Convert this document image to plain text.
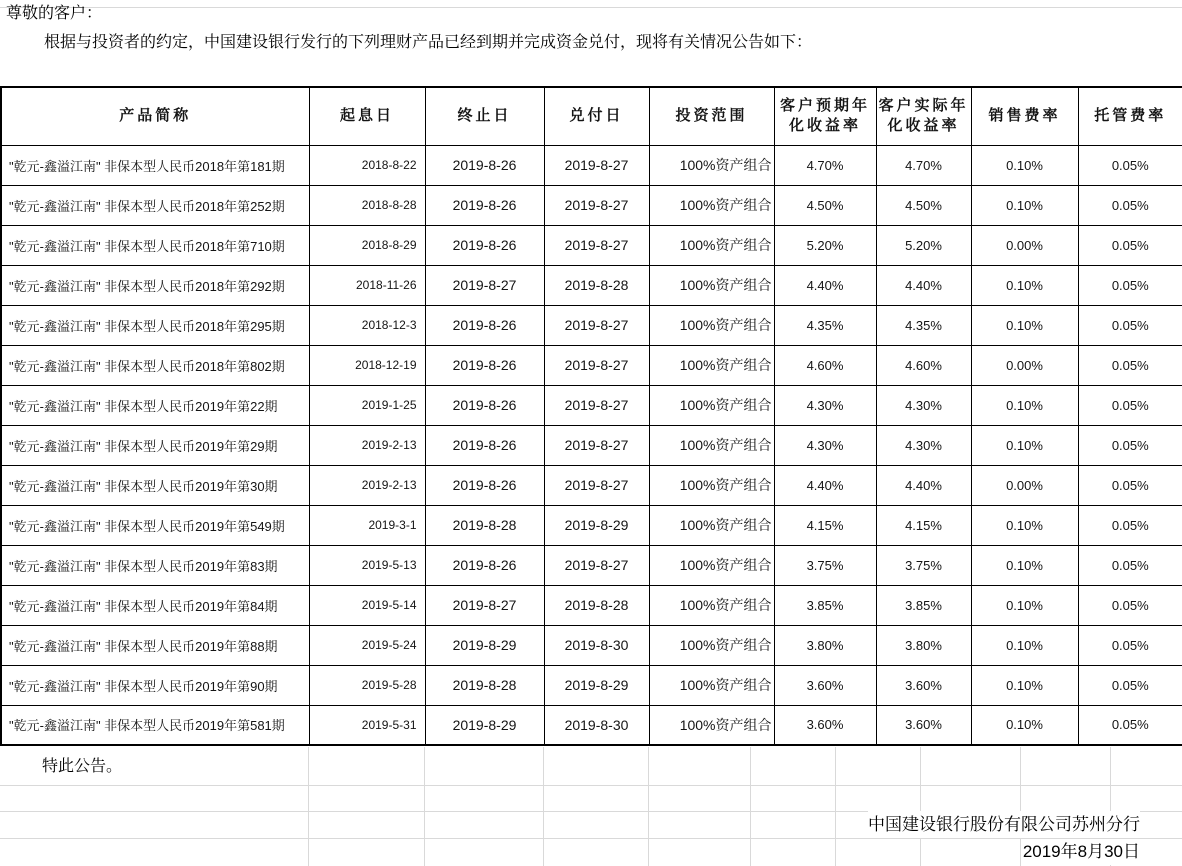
尊敬的客户：
根据与投资者的约定，中国建设银行发行的下列理财产品已经到期并完成资金兑付，现将有关情况公告如下：
产品简称	起息日	终止日	兑付日	投资范围	客户预期年化收益率	客户实际年化收益率	销售费率	托管费率
"乾元-鑫溢江南" 非保本型人民币2018年第181期	2018-8-22	2019-8-26	2019-8-27	100%资产组合	4.70%	4.70%	0.10%	0.05%
"乾元-鑫溢江南" 非保本型人民币2018年第252期	2018-8-28	2019-8-26	2019-8-27	100%资产组合	4.50%	4.50%	0.10%	0.05%
"乾元-鑫溢江南" 非保本型人民币2018年第710期	2018-8-29	2019-8-26	2019-8-27	100%资产组合	5.20%	5.20%	0.00%	0.05%
"乾元-鑫溢江南" 非保本型人民币2018年第292期	2018-11-26	2019-8-27	2019-8-28	100%资产组合	4.40%	4.40%	0.10%	0.05%
"乾元-鑫溢江南" 非保本型人民币2018年第295期	2018-12-3	2019-8-26	2019-8-27	100%资产组合	4.35%	4.35%	0.10%	0.05%
"乾元-鑫溢江南" 非保本型人民币2018年第802期	2018-12-19	2019-8-26	2019-8-27	100%资产组合	4.60%	4.60%	0.00%	0.05%
"乾元-鑫溢江南" 非保本型人民币2019年第22期	2019-1-25	2019-8-26	2019-8-27	100%资产组合	4.30%	4.30%	0.10%	0.05%
"乾元-鑫溢江南" 非保本型人民币2019年第29期	2019-2-13	2019-8-26	2019-8-27	100%资产组合	4.30%	4.30%	0.10%	0.05%
"乾元-鑫溢江南" 非保本型人民币2019年第30期	2019-2-13	2019-8-26	2019-8-27	100%资产组合	4.40%	4.40%	0.00%	0.05%
"乾元-鑫溢江南" 非保本型人民币2019年第549期	2019-3-1	2019-8-28	2019-8-29	100%资产组合	4.15%	4.15%	0.10%	0.05%
"乾元-鑫溢江南" 非保本型人民币2019年第83期	2019-5-13	2019-8-26	2019-8-27	100%资产组合	3.75%	3.75%	0.10%	0.05%
"乾元-鑫溢江南" 非保本型人民币2019年第84期	2019-5-14	2019-8-27	2019-8-28	100%资产组合	3.85%	3.85%	0.10%	0.05%
"乾元-鑫溢江南" 非保本型人民币2019年第88期	2019-5-24	2019-8-29	2019-8-30	100%资产组合	3.80%	3.80%	0.10%	0.05%
"乾元-鑫溢江南" 非保本型人民币2019年第90期	2019-5-28	2019-8-28	2019-8-29	100%资产组合	3.60%	3.60%	0.10%	0.05%
"乾元-鑫溢江南" 非保本型人民币2019年第581期	2019-5-31	2019-8-29	2019-8-30	100%资产组合	3.60%	3.60%	0.10%	0.05%
特此公告。
中国建设银行股份有限公司苏州分行
2019年8月30日
